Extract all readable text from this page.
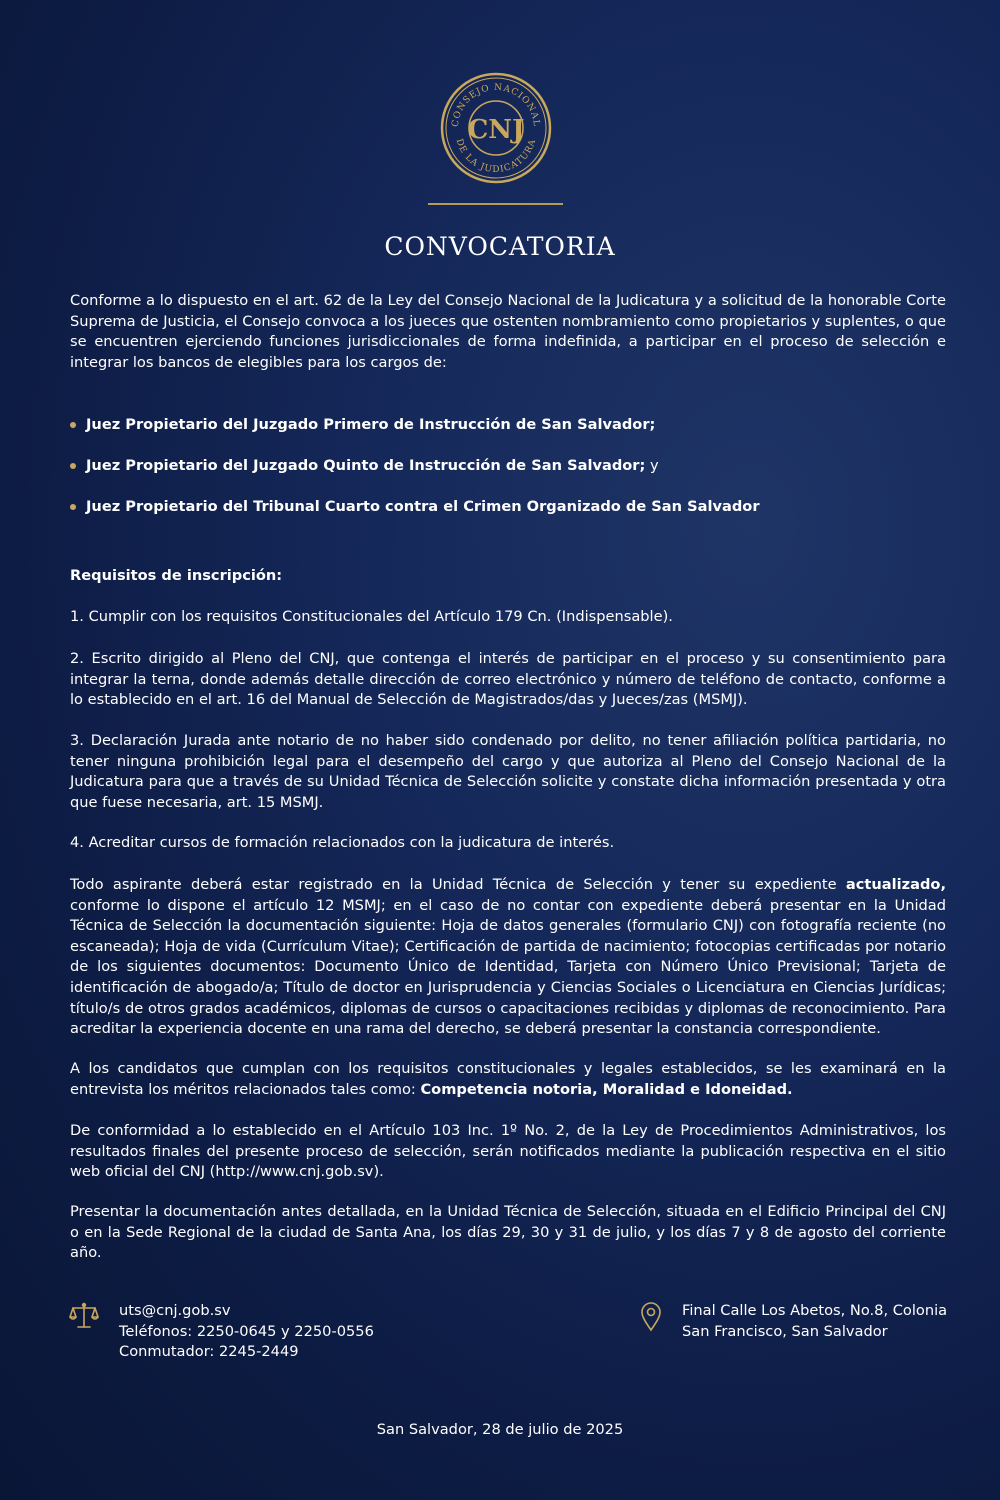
CONSEJO NACIONAL
DE LA JUDICATURA
CNJ
CONVOCATORIA
Conforme a lo dispuesto en el art. 62 de la Ley del Consejo Nacional de la Judicatura y a solicitud de la honorable Corte Suprema de Justicia, el Consejo convoca a los jueces que ostenten nombramiento como propietarios y suplentes, o que se encuentren ejerciendo funciones jurisdiccionales de forma indefinida, a participar en el proceso de selección e integrar los bancos de elegibles para los cargos de:
Juez Propietario del Juzgado Primero de Instrucción de San Salvador;
Juez Propietario del Juzgado Quinto de Instrucción de San Salvador; y
Juez Propietario del Tribunal Cuarto contra el Crimen Organizado de San Salvador
Requisitos de inscripción:
1. Cumplir con los requisitos Constitucionales del Artículo 179 Cn. (Indispensable).
2. Escrito dirigido al Pleno del CNJ, que contenga el interés de participar en el proceso y su consentimiento para integrar la terna, donde además detalle dirección de correo electrónico y número de teléfono de contacto, conforme a lo establecido en el art. 16 del Manual de Selección de Magistrados/das y Jueces/zas (MSMJ).
3. Declaración Jurada ante notario de no haber sido condenado por delito, no tener afiliación política partidaria, no tener ninguna prohibición legal para el desempeño del cargo y que autoriza al Pleno del Consejo Nacional de la Judicatura para que a través de su Unidad Técnica de Selección solicite y constate dicha información presentada y otra que fuese necesaria, art. 15 MSMJ.
4. Acreditar cursos de formación relacionados con la judicatura de interés.
Todo aspirante deberá estar registrado en la Unidad Técnica de Selección y tener su expediente actualizado, conforme lo dispone el artículo 12 MSMJ; en el caso de no contar con expediente deberá presentar en la Unidad Técnica de Selección la documentación siguiente: Hoja de datos generales (formulario CNJ) con fotografía reciente (no escaneada); Hoja de vida (Currículum Vitae); Certificación de partida de nacimiento; fotocopias certificadas por notario de los siguientes documentos: Documento Único de Identidad, Tarjeta con Número Único Previsional; Tarjeta de identificación de abogado/a; Título de doctor en Jurisprudencia y Ciencias Sociales o Licenciatura en Ciencias Jurídicas; título/s de otros grados académicos, diplomas de cursos o capacitaciones recibidas y diplomas de reconocimiento. Para acreditar la experiencia docente en una rama del derecho, se deberá presentar la constancia correspondiente.
A los candidatos que cumplan con los requisitos constitucionales y legales establecidos, se les examinará en la entrevista los méritos relacionados tales como: Competencia notoria, Moralidad e Idoneidad.
De conformidad a lo establecido en el Artículo 103 Inc. 1º No. 2, de la Ley de Procedimientos Administrativos, los resultados finales del presente proceso de selección, serán notificados mediante la publicación respectiva en el sitio web oficial del CNJ (http://www.cnj.gob.sv).
Presentar la documentación antes detallada, en la Unidad Técnica de Selección, situada en el Edificio Principal del CNJ o en la Sede Regional de la ciudad de Santa Ana, los días 29, 30 y 31 de julio, y los días 7 y 8 de agosto del corriente año.
uts@cnj.gob.sv
Teléfonos: 2250-0645 y 2250-0556
Conmutador: 2245-2449
Final Calle Los Abetos, No.8, Colonia
San Francisco, San Salvador
San Salvador, 28 de julio de 2025
